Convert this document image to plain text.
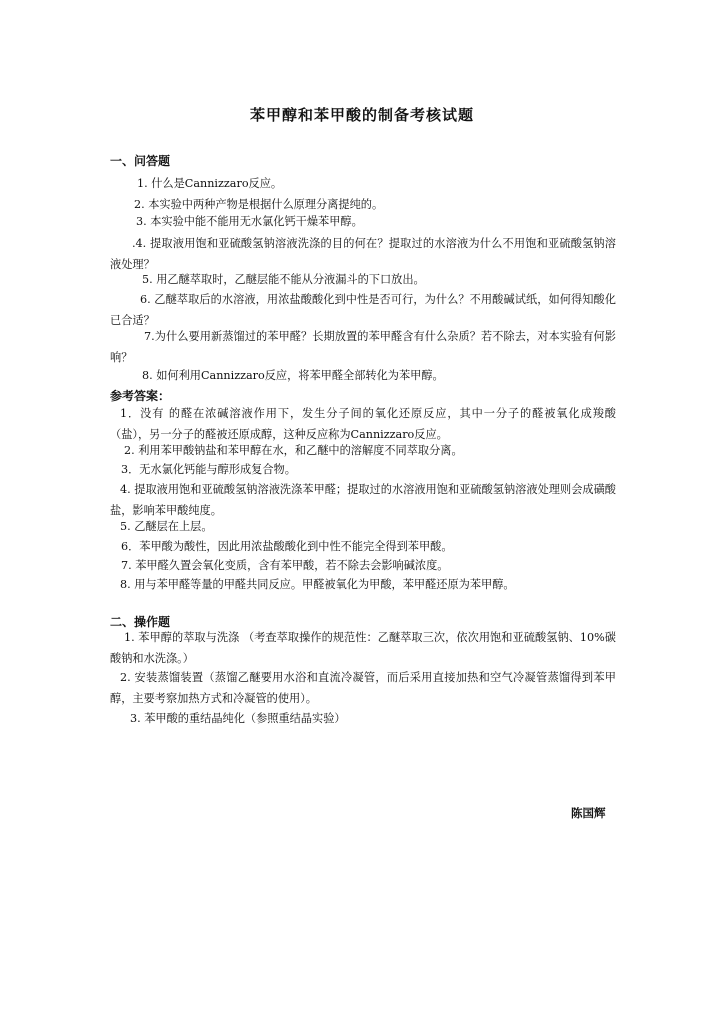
苯甲醇和苯甲酸的制备考核试题
一、问答题
1. 什么是Cannizzaro反应。
2. 本实验中两种产物是根据什么原理分离提纯的。
3. 本实验中能不能用无水氯化钙干燥苯甲醇。
.4. 提取液用饱和亚硫酸氢钠溶液洗涤的目的何在？提取过的水溶液为什么不用饱和亚硫酸氢钠溶液处理？
5. 用乙醚萃取时，乙醚层能不能从分液漏斗的下口放出。
6. 乙醚萃取后的水溶液，用浓盐酸酸化到中性是否可行，为什么？不用酸碱试纸，如何得知酸化已合适？
7.为什么要用新蒸馏过的苯甲醛？长期放置的苯甲醛含有什么杂质？若不除去，对本实验有何影响？
8. 如何利用Cannizzaro反应，将苯甲醛全部转化为苯甲醇。
参考答案：
1．没有 的醛在浓碱溶液作用下，发生分子间的氧化还原反应，其中一分子的醛被氧化成羧酸（盐），另一分子的醛被还原成醇，这种反应称为Cannizzaro反应。
2. 利用苯甲酸钠盐和苯甲醇在水，和乙醚中的溶解度不同萃取分离。
3．无水氯化钙能与醇形成复合物。
4. 提取液用饱和亚硫酸氢钠溶液洗涤苯甲醛；提取过的水溶液用饱和亚硫酸氢钠溶液处理则会成磺酸盐，影响苯甲酸纯度。
5. 乙醚层在上层。
6．苯甲酸为酸性，因此用浓盐酸酸化到中性不能完全得到苯甲酸。
7. 苯甲醛久置会氧化变质，含有苯甲酸，若不除去会影响碱浓度。
8. 用与苯甲醛等量的甲醛共同反应。甲醛被氧化为甲酸，苯甲醛还原为苯甲醇。
二、操作题
1. 苯甲醇的萃取与洗涤 （考查萃取操作的规范性：乙醚萃取三次，依次用饱和亚硫酸氢钠、10%碳酸钠和水洗涤。）
2. 安装蒸馏装置（蒸馏乙醚要用水浴和直流冷凝管，而后采用直接加热和空气冷凝管蒸馏得到苯甲醇，主要考察加热方式和冷凝管的使用）。
3. 苯甲酸的重结晶纯化（参照重结晶实验）
陈国辉
